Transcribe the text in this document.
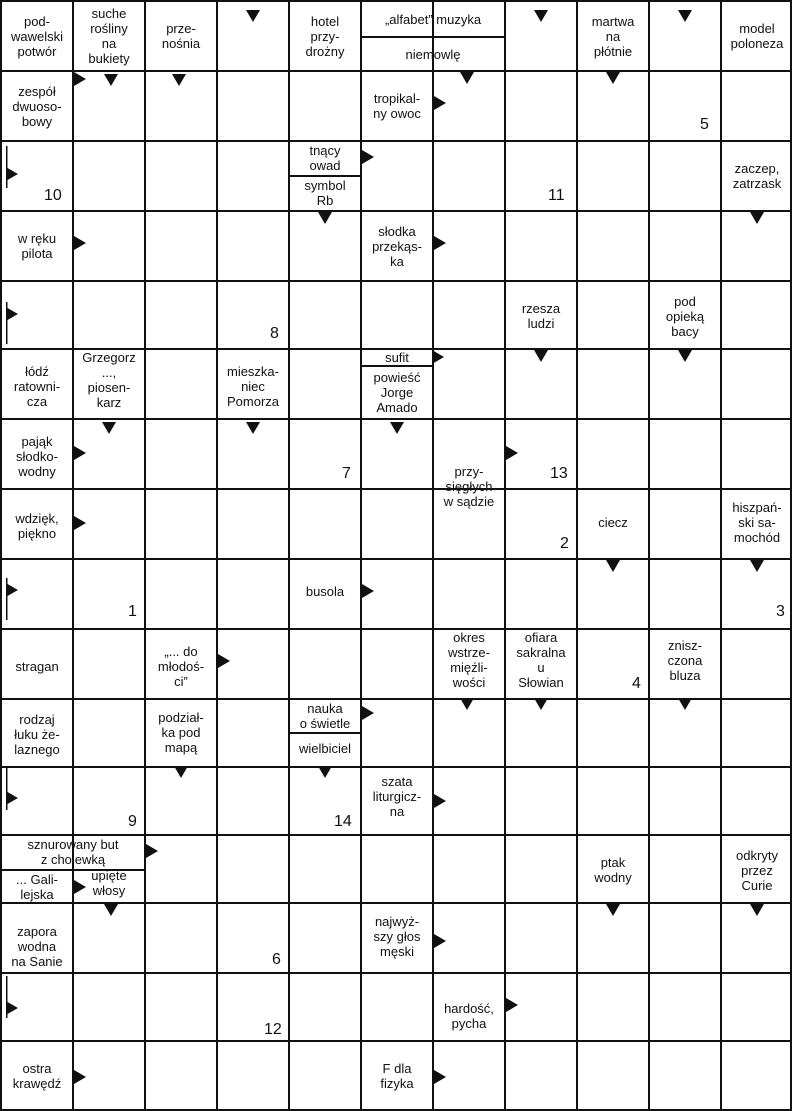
pod-
wawelski
potwór
suche
rośliny
na
bukiety
prze-
nośnia
hotel
przy-
drożny
„alfabet” muzyka
niemowlę
martwa
na
płótnie
model
poloneza
zespół
dwuoso-
bowy
tropikal-
ny owoc
tnący
owad
symbol
Rb
zaczep,
zatrzask
w ręku
pilota
słodka
przekąs-
ka
rzesza
ludzi
pod
opieką
bacy
łódź
ratowni-
cza
Grzegorz
...,
piosen-
karz
mieszka-
niec
Pomorza
sufit
powieść
Jorge
Amado
pająk
słodko-
wodny	przy-
sięgłych
w sądzie
wdzięk,
piękno
ciecz
hiszpań-
ski sa-
mochód
busola
stragan
„... do
młodoś-
ci”
okres
wstrze-
mięźli-
wości
ofiara
sakralna
u
Słowian
znisz-
czona
bluza
rodzaj
łuku że-
laznego
podział-
ka pod
mapą
nauka
o świetle
wielbiciel
szata
liturgicz-
na
sznurowany but
z cholewką
... Gali-
lejska
upięte
włosy
ptak
wodny
odkryty
przez
Curie
zapora
wodna
na Sanie
najwyż-
szy głos
męski
hardość,
pycha
ostra
krawędź
F dla
fizyka
5
10	11
8
7	13
2
1	3
4
9	14
6
12
